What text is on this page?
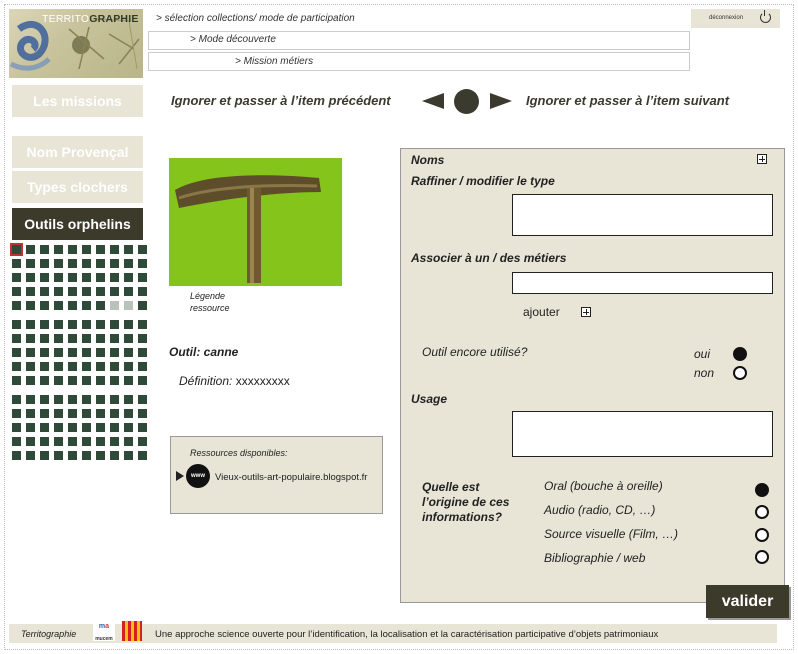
TERRITOGRAPHIE > sélection collections/ mode de participation
> Mode découverte
> Mission métiers
déconnexion
Les missions
Nom Provençal
Types clochers
Outils orphelins
Ignorer et passer à l’item précédent	Ignorer et passer à l’item suivant
Légende
ressource
Outil: canne
Définition: xxxxxxxxx
Ressources disponibles:
www	Vieux-outils-art-populaire.blogspot.fr
Noms
Raffiner / modifier le type
Associer à un / des métiers
ajouter
Outil encore utilisé?	oui
non
Usage
Quelle est l’origine de ces informations?
Oral (bouche à oreille)
Audio (radio, CD, …)
Source visuelle (Film, …)
Bibliographie / web
valider
Territographie
ma
mucem	Une approche science ouverte pour l’identification, la localisation et la caractérisation participative d’objets patrimoniaux
